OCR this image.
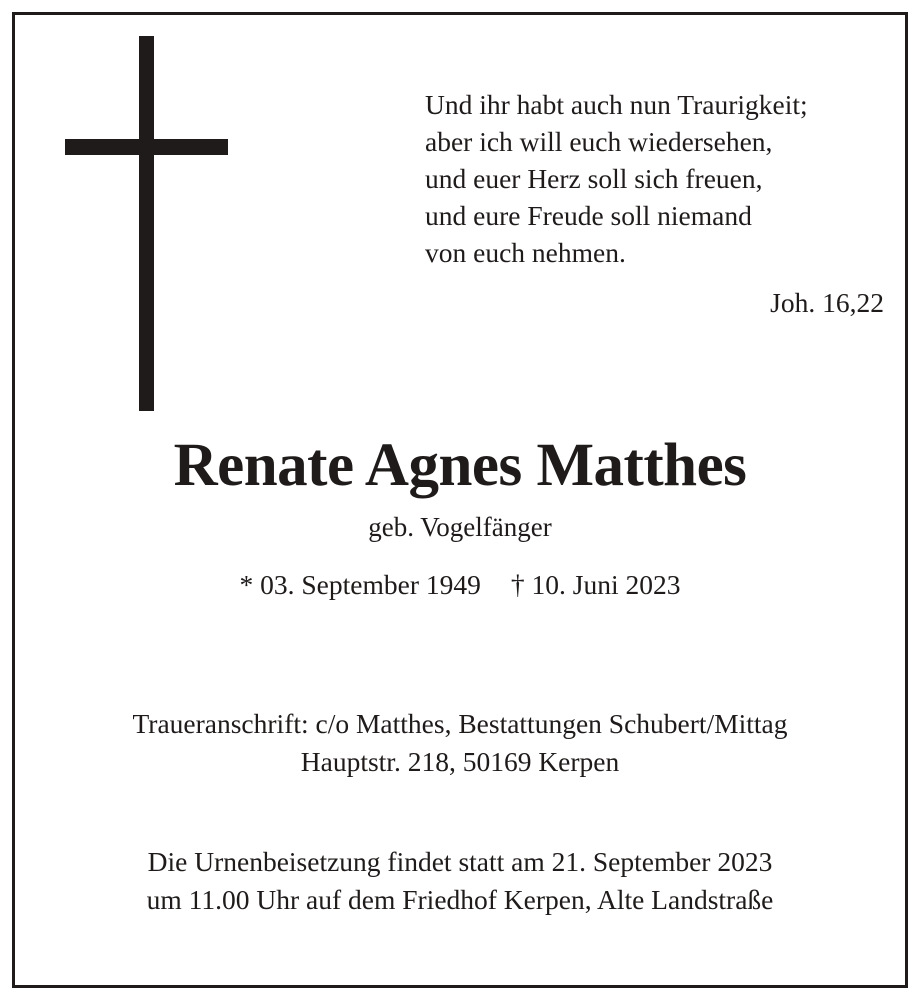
Und ihr habt auch nun Traurigkeit;
aber ich will euch wiedersehen,
und euer Herz soll sich freuen,
und eure Freude soll niemand
von euch nehmen.
Joh. 16,22
Renate Agnes Matthes
geb. Vogelfänger
* 03. September 1949 † 10. Juni 2023
Traueranschrift: c/o Matthes, Bestattungen Schubert/Mittag
Hauptstr. 218, 50169 Kerpen
Die Urnenbeisetzung findet statt am 21. September 2023
um 11.00 Uhr auf dem Friedhof Kerpen, Alte Landstraße
